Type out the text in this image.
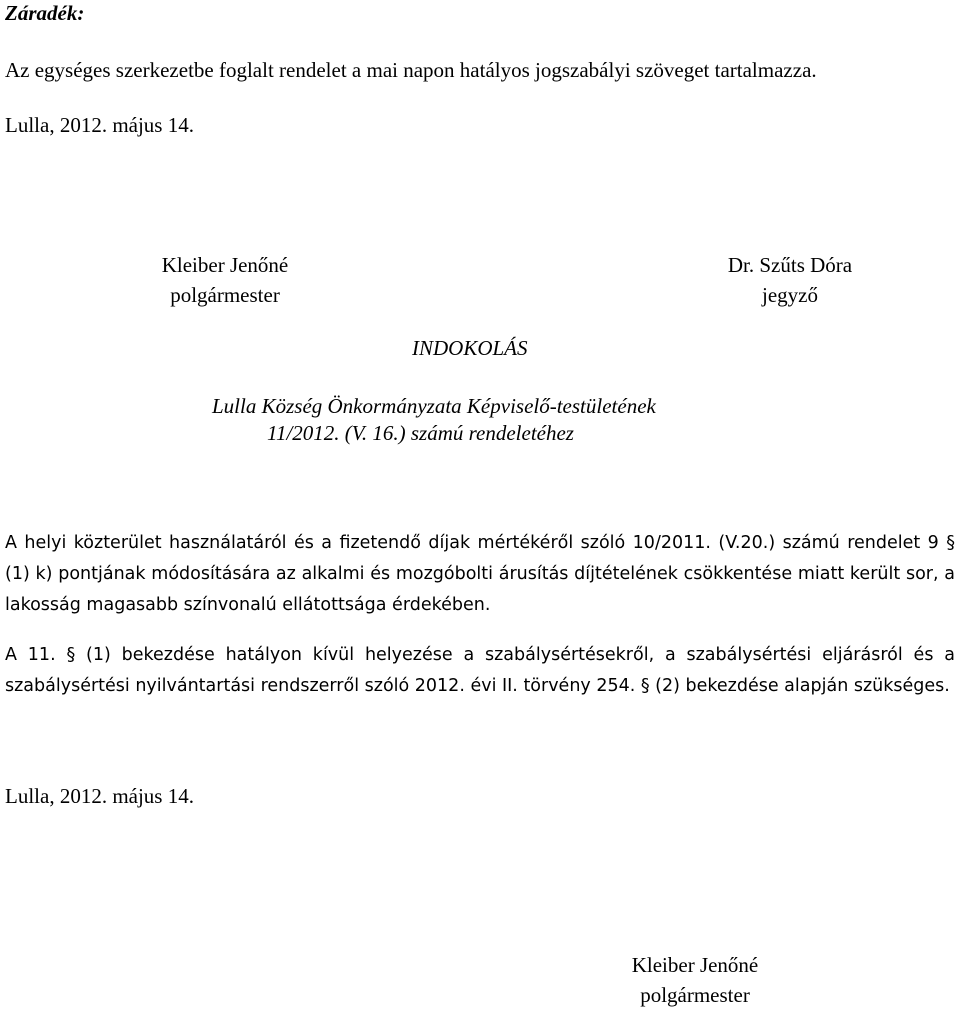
Záradék:
Az egységes szerkezetbe foglalt rendelet a mai napon hatályos jogszabályi szöveget tartalmazza.
Lulla, 2012. május 14.
Kleiber Jenőné
polgármester
Dr. Szűts Dóra
jegyző
INDOKOLÁS
Lulla Község Önkormányzata Képviselő-testületének
11/2012. (V. 16.) számú rendeletéhez
A helyi közterület használatáról és a fizetendő díjak mértékéről szóló 10/2011. (V.20.) számú rendelet 9 § (1) k) pontjának módosítására az alkalmi és mozgóbolti árusítás díjtételének csökkentése miatt került sor, a lakosság magasabb színvonalú ellátottsága érdekében.
A 11. § (1) bekezdése hatályon kívül helyezése a szabálysértésekről, a szabálysértési eljárásról és a szabálysértési nyilvántartási rendszerről szóló 2012. évi II. törvény 254. § (2) bekezdése alapján szükséges.
Lulla, 2012. május 14.
Kleiber Jenőné
polgármester
